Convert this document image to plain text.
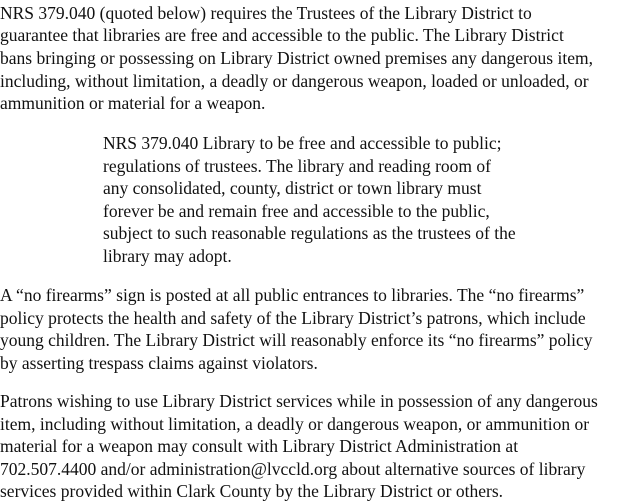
NRS 379.040 (quoted below) requires the Trustees of the Library District to
guarantee that libraries are free and accessible to the public. The Library District
bans bringing or possessing on Library District owned premises any dangerous item,
including, without limitation, a deadly or dangerous weapon, loaded or unloaded, or
ammunition or material for a weapon.
NRS 379.040 Library to be free and accessible to public;
regulations of trustees. The library and reading room of
any consolidated, county, district or town library must
forever be and remain free and accessible to the public,
subject to such reasonable regulations as the trustees of the
library may adopt.
A “no firearms” sign is posted at all public entrances to libraries. The “no firearms”
policy protects the health and safety of the Library District’s patrons, which include
young children. The Library District will reasonably enforce its “no firearms” policy
by asserting trespass claims against violators.
Patrons wishing to use Library District services while in possession of any dangerous
item, including without limitation, a deadly or dangerous weapon, or ammunition or
material for a weapon may consult with Library District Administration at
702.507.4400 and/or administration@lvccld.org about alternative sources of library
services provided within Clark County by the Library District or others.
